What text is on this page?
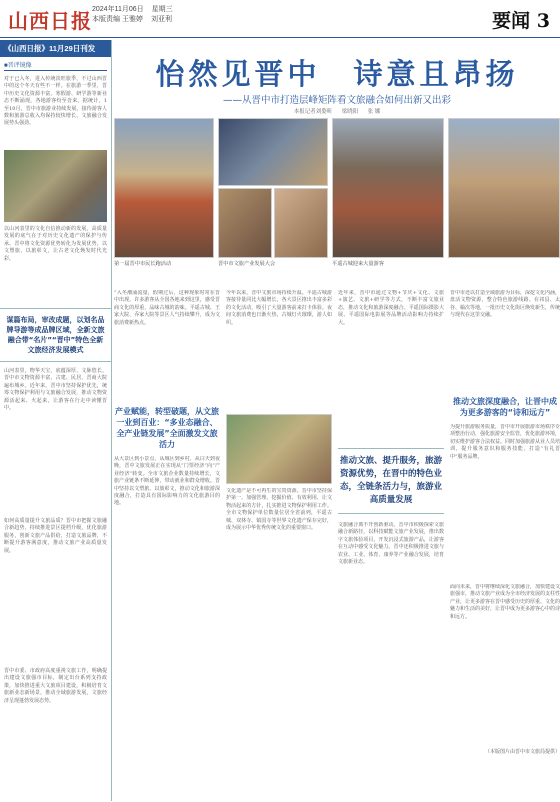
山西日报 2024年11月06日 星期三
本版责编 王雅婷 刘亚利	要闻 3
《山西日报》11月29日刊发
■晋评镜像
对于已入冬，进入传统淡旺旅季，不过山西晋中的这个冬天有些不一样。在旅游一季里，晋中历史文化资源丰富，寒假游、研学游等新业态不断涌现，各地游客纷至沓来。据统计，1至10月，晋中市旅游业持续发展，接待游客人数和旅游总收入均保持较快增长，文旅融合发展势头强劲。
以山河表里的文化自信推动新的发展，高质量发展的底气在于对历史文化遗产的保护与传承。晋中将文化资源优势转化为发展优势，以文塑旅、以旅彰文，让古老文化焕发时代光彩。
谋篇布局，审改成题，以划名品牌导游等成品牌区域，全新文旅融合带“名片”“晋中”特色全新文旅经济发展模式
山河表里，物华天宝，底蕴深厚，文脉悠长。晋中市文物资源丰富，古建、民居、晋商大院遍布城乡。近年来，晋中市坚持保护优先，统筹文物保护利用与文旅融合发展，推动文物资源活起来、火起来，让游客在行走中读懂晋中。
如何高质量提升文旅品质？晋中市把握文旅融合新趋势，持续推进景区提档升级，优化旅游服务，创新文旅产品供给，打造文旅品牌，不断提升游客满意度，推动文旅产业高质量发展。
晋中市委、市政府高度重视文旅工作，明确提出建设文旅强市目标，制定出台系列支持政策，加快推进重大文旅项目建设，积极培育文旅新业态新场景，推动全域旅游发展，文旅经济呈现蓬勃发展态势。
怡然见晋中　诗意且昂扬
——从晋中市打造层峰矩阵看文旅融合如何出新又出彩
本报记者刘姿昕 梁晓阳 张 娜
第一届晋中市民长跑活动	晋中市文旅产业发展大会	平遥古城迎来大量游客
“入冬潮涌流量，假期过后，这种现象时常在晋中出现。许多游客从全国各地来到这里，感受晋商文化的厚重，品味古城的韵味。平遥古城、王家大院、乔家大院等景区人气持续攀升，成为文旅消费新热点。
产业赋能，转型破题，从文旅一业到百业：“多业态融合、全产业链发展”全面激发文旅活力
从大景区到小景点，从城区到乡村，从白天到夜晚，晋中文旅发展正在实现从“门票经济”向“产业经济”转变。全市文旅企业数量持续增长，文旅产业链条不断延伸，带动就业和群众增收。晋中坚持以文塑旅、以旅彰文，推动文化和旅游深度融合，打造具有国际影响力的文化旅游目的地。
今年以来，晋中文旅市场持续升温。平遥古城游客接待量同比大幅增长，各大景区推出丰富多彩的文化活动，吸引了大量游客前来打卡体验。夜间文旅消费也日渐火热，古城灯火璀璨，游人如织。
文化遗产是不可再生的宝贵资源。晋中市坚持保护第一、加强管理、挖掘价值、有效利用、让文物活起来的方针，扎实推进文物保护利用工作。全市文物保护单位数量位居全省前列，平遥古城、双林寺、镇国寺等世界文化遗产保存完好，成为展示中华优秀传统文化的重要窗口。
近年来，晋中市通过文物+节庆+文化、文旅+演艺、文旅+研学等方式，不断丰富文旅业态，推动文化和旅游深度融合。平遥国际摄影大展、平遥国际电影展等品牌活动影响力持续扩大。
推动文旅、提升服务，旅游资源优势，在晋中的特色业态，全链条活力与，旅游业高质量发展
文旅融合离不开创新驱动。晋中市积极探索文旅融合新路径，以科技赋能文旅产业发展，推出数字文旅体验项目，开发沉浸式旅游产品，让游客在互动中感受文化魅力。晋中还积极推进文旅与农业、工业、体育、康养等产业融合发展，培育文旅新业态。
晋中市还以打造全域旅游为目标，深挖文化内涵，盘活文物资源，整合特色旅游线路。在祁县、太谷、榆次等地，一批历史文化街区焕发新生，传统与现代在这里交融。
推动文旅深度融合，让晋中成为更多游客的“诗和远方”
为提升旅游服务质量，晋中市开展旅游市场秩序专项整治行动，强化旅游安全监管，优化旅游环境，切实维护游客合法权益。同时加强旅游从业人员培训，提升服务意识和服务技能，打造“有礼晋中”服务品牌。
面向未来，晋中将继续深化文旅融合，加快建设文旅强市，推动文旅产业成为全市经济发展的支柱性产业，让更多游客在晋中感受历史的厚重、文化的魅力和生活的美好，让晋中成为更多游客心中的诗和远方。
（本版图片由晋中市文旅局提供）
